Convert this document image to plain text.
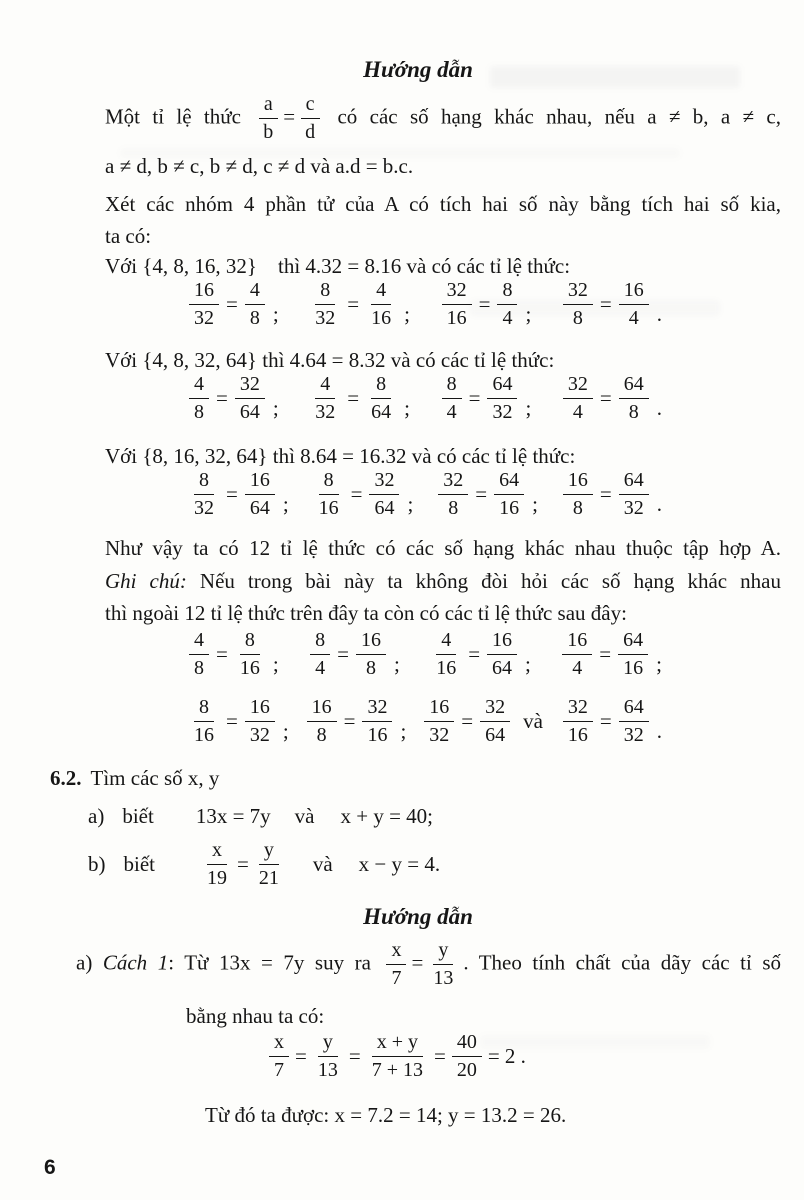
Hướng dẫn
Một tỉ lệ thức $\frac{a}{b} = \frac{c}{d}$ có các số hạng khác nhau, nếu a ≠ b, a ≠ c,
a ≠ d, b ≠ c, b ≠ d, c ≠ d và a.d = b.c.
Xét các nhóm 4 phần tử của A có tích hai số này bằng tích hai số kia,
ta có:
Với {4, 8, 16, 32} thì 4.32 = 8.16 và có các tỉ lệ thức:
$\frac{16}{32} = \frac{4}{8}$ ; $\frac{8}{32} = \frac{4}{16}$ ; $\frac{32}{16} = \frac{8}{4}$ ; $\frac{32}{8} = \frac{16}{4}$ .
Với {4, 8, 32, 64} thì 4.64 = 8.32 và có các tỉ lệ thức:
$\frac{4}{8} = \frac{32}{64}$ ; $\frac{4}{32} = \frac{8}{64}$ ; $\frac{8}{4} = \frac{64}{32}$ ; $\frac{32}{4} = \frac{64}{8}$ .
Với {8, 16, 32, 64} thì 8.64 = 16.32 và có các tỉ lệ thức:
$\frac{8}{32} = \frac{16}{64}$ ; $\frac{8}{16} = \frac{32}{64}$ ; $\frac{32}{8} = \frac{64}{16}$ ; $\frac{16}{8} = \frac{64}{32}$ .
Như vậy ta có 12 tỉ lệ thức có các số hạng khác nhau thuộc tập hợp A.
Ghi chú: Nếu trong bài này ta không đòi hỏi các số hạng khác nhau
thì ngoài 12 tỉ lệ thức trên đây ta còn có các tỉ lệ thức sau đây:
$\frac{4}{8} = \frac{8}{16}$ ; $\frac{8}{4} = \frac{16}{8}$ ; $\frac{4}{16} = \frac{16}{64}$ ; $\frac{16}{4} = \frac{64}{16}$ ;
$\frac{8}{16} = \frac{16}{32}$ ; $\frac{16}{8} = \frac{32}{16}$ ; $\frac{16}{32} = \frac{32}{64}$ và $\frac{32}{16} = \frac{64}{32}$ .
6.2. Tìm các số x, y
a) biết 13x = 7y và x + y = 40;
b) biết $\frac{x}{19} = \frac{y}{21}$ và x − y = 4.
Hướng dẫn
a) Cách 1: Từ 13x = 7y suy ra $\frac{x}{7} = \frac{y}{13}$ . Theo tính chất của dãy các tỉ số
bằng nhau ta có:
$\frac{x}{7} = \frac{y}{13} = \frac{x + y}{7 + 13} = \frac{40}{20} = 2$ .
Từ đó ta được: x = 7.2 = 14; y = 13.2 = 26.
6
